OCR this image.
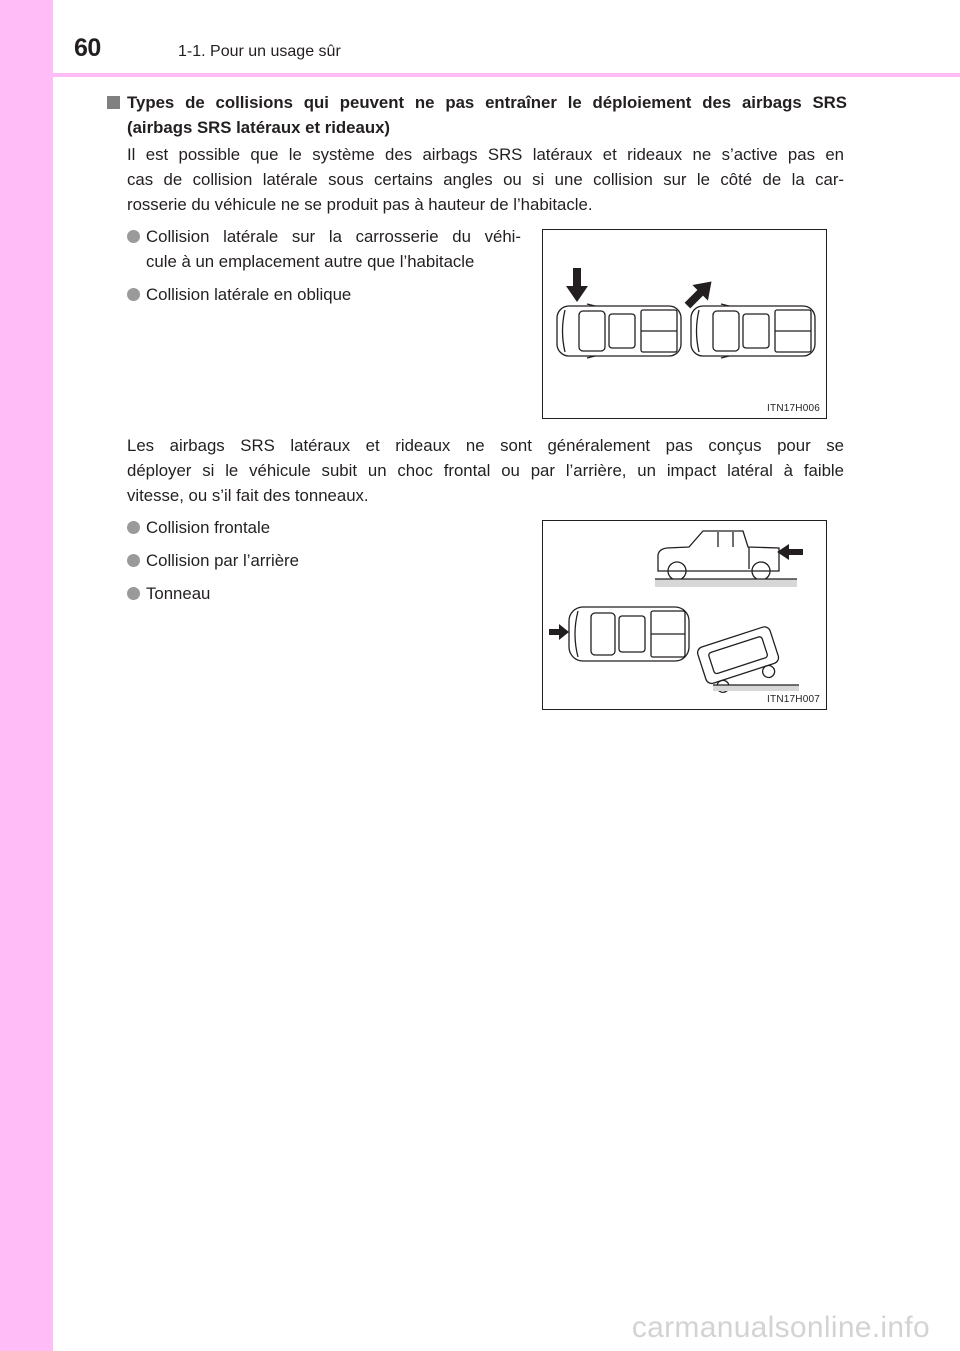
60	1-1. Pour un usage sûr
Types de collisions qui peuvent ne pas entraîner le déploiement des airbags SRS
(airbags SRS latéraux et rideaux)
Il est possible que le système des airbags SRS latéraux et rideaux ne s’active pas en
cas de collision latérale sous certains angles ou si une collision sur le côté de la car-
rosserie du véhicule ne se produit pas à hauteur de l’habitacle.
Collision latérale sur la carrosserie du véhi-
cule à un emplacement autre que l’habitacle
Collision latérale en oblique
ITN17H006
Les airbags SRS latéraux et rideaux ne sont généralement pas conçus pour se
déployer si le véhicule subit un choc frontal ou par l’arrière, un impact latéral à faible
vitesse, ou s’il fait des tonneaux.
Collision frontale
Collision par l’arrière
Tonneau
ITN17H007
carmanualsonline.info
